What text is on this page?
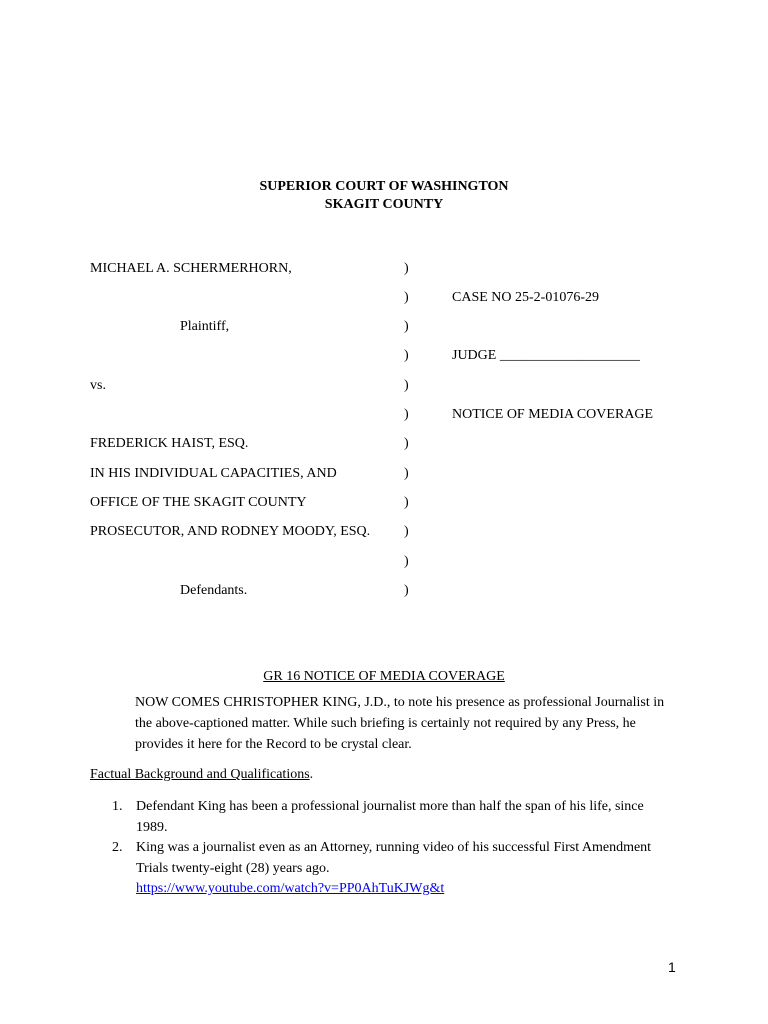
SUPERIOR COURT OF WASHINGTON
SKAGIT COUNTY
MICHAEL A. SCHERMERHORN,
Plaintiff,
vs.
FREDERICK HAIST, ESQ.
IN HIS INDIVIDUAL CAPACITIES, AND
OFFICE OF THE SKAGIT COUNTY
PROSECUTOR, AND RODNEY MOODY, ESQ.
Defendants.
)
)
)
)
)
)
)
)
)
)
)
)
CASE NO 25-2-01076-29
JUDGE ____________________
NOTICE OF MEDIA COVERAGE
GR 16 NOTICE OF MEDIA COVERAGE
NOW COMES CHRISTOPHER KING, J.D., to note his presence as professional Journalist in the above-captioned matter. While such briefing is certainly not required by any Press, he provides it here for the Record to be crystal clear.
Factual Background and Qualifications.
1. Defendant King has been a professional journalist more than half the span of his life, since 1989.
2. King was a journalist even as an Attorney, running video of his successful First Amendment Trials twenty-eight (28) years ago.
https://www.youtube.com/watch?v=PP0AhTuKJWg&t
1
